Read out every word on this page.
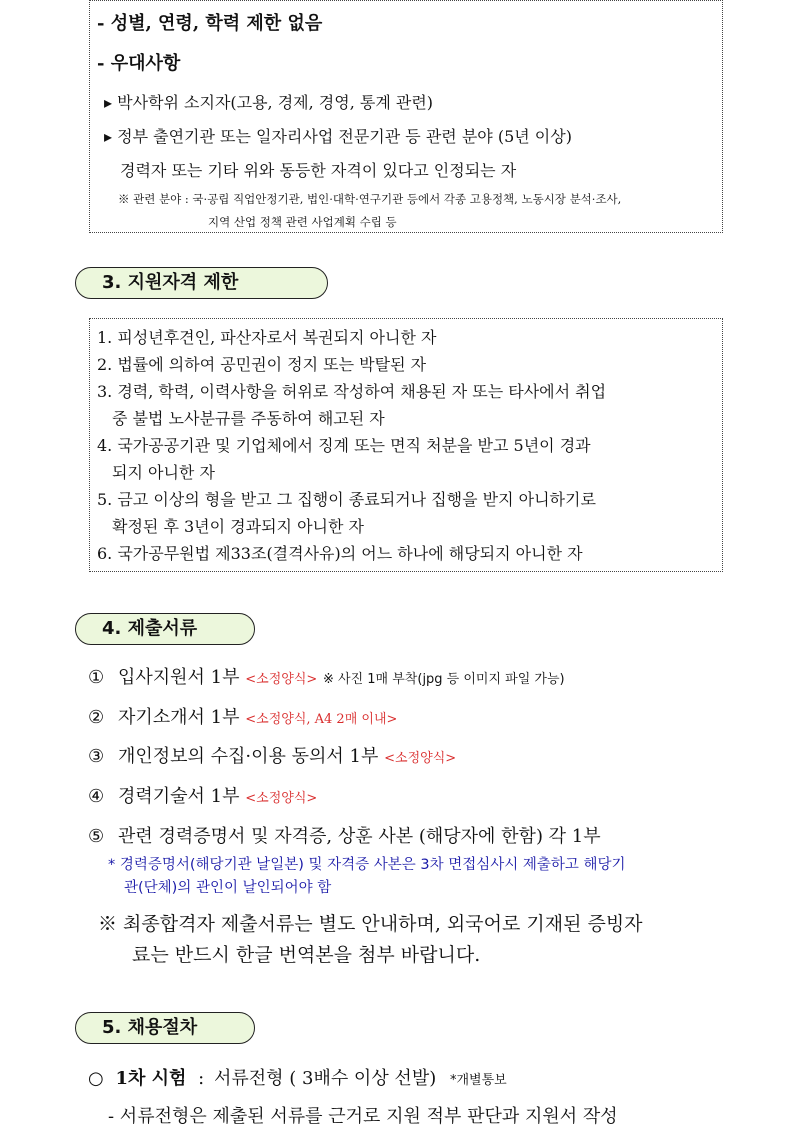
- 성별, 연령, 학력 제한 없음
- 우대사항
▸ 박사학위 소지자(고용, 경제, 경영, 통계 관련)
▸ 정부 출연기관 또는 일자리사업 전문기관 등 관련 분야 (5년 이상)
경력자 또는 기타 위와 동등한 자격이 있다고 인정되는 자
※ 관련 분야 : 국·공립 직업안정기관, 법인·대학·연구기관 등에서 각종 고용정책, 노동시장 분석·조사,
지역 산업 정책 관련 사업계획 수립 등
3. 지원자격 제한
1. 피성년후견인, 파산자로서 복권되지 아니한 자
2. 법률에 의하여 공민권이 정지 또는 박탈된 자
3. 경력, 학력, 이력사항을 허위로 작성하여 채용된 자 또는 타사에서 취업
중 불법 노사분규를 주동하여 해고된 자
4. 국가공공기관 및 기업체에서 징계 또는 면직 처분을 받고 5년이 경과
되지 아니한 자
5. 금고 이상의 형을 받고 그 집행이 종료되거나 집행을 받지 아니하기로
확정된 후 3년이 경과되지 아니한 자
6. 국가공무원법 제33조(결격사유)의 어느 하나에 해당되지 아니한 자
4. 제출서류
① 입사지원서 1부 <소정양식> ※ 사진 1매 부착(jpg 등 이미지 파일 가능)
② 자기소개서 1부 <소정양식, A4 2매 이내>
③ 개인정보의 수집·이용 동의서 1부 <소정양식>
④ 경력기술서 1부 <소정양식>
⑤ 관련 경력증명서 및 자격증, 상훈 사본 (해당자에 한함) 각 1부
* 경력증명서(해당기관 날일본) 및 자격증 사본은 3차 면접심사시 제출하고 해당기
관(단체)의 관인이 날인되어야 함
※ 최종합격자 제출서류는 별도 안내하며, 외국어로 기재된 증빙자
료는 반드시 한글 번역본을 첨부 바랍니다.
5. 채용절차
○ 1차 시험 : 서류전형 ( 3배수 이상 선발) *개별통보
- 서류전형은 제출된 서류를 근거로 지원 적부 판단과 지원서 작성
